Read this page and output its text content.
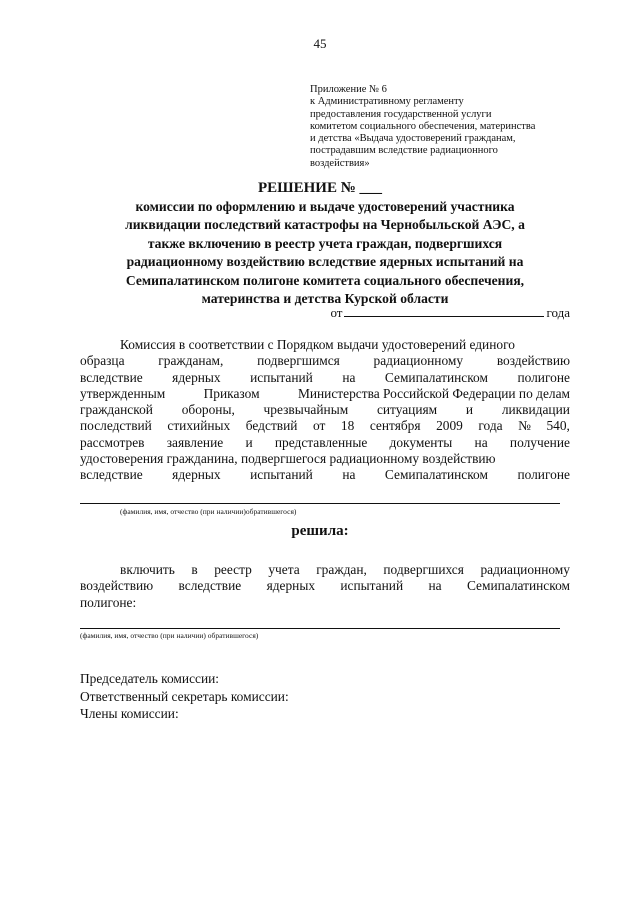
45
Приложение № 6
к Административному регламенту
предоставления государственной услуги
комитетом социального обеспечения, материнства
и детства «Выдача удостоверений гражданам,
пострадавшим вследствие радиационного
воздействия»
РЕШЕНИЕ № ___
комиссии по оформлению и выдаче удостоверений участника
ликвидации последствий катастрофы на Чернобыльской АЭС, а
также включению в реестр учета граждан, подвергшихся
радиационному воздействию вследствие ядерных испытаний на
Семипалатинском полигоне комитета социального обеспечения,
материнства и детства Курской области
от	года
Комиссия в соответствии с Порядком выдачи удостоверений единого
образца	гражданам,	подвергшимся	радиационному	воздействию
вследствие ядерных испытаний на Семипалатинском полигоне
утвержденным	Приказом	Министерства Российской Федерации по делам
гражданской обороны, чрезвычайным ситуациям и ликвидации
последствий стихийных бедствий от 18 сентября 2009 года № 540,
рассмотрев заявление и представленные документы на получение
удостоверения гражданина, подвергшегося радиационному воздействию
вследствие ядерных испытаний на Семипалатинском полигоне
(фамилия, имя, отчество (при наличии)обратившегося)
решила:
включить в реестр учета граждан, подвергшихся радиационному
воздействию вследствие ядерных испытаний на Семипалатинском
полигоне:
(фамилия, имя, отчество (при наличии) обратившегося)
Председатель комиссии:
Ответственный секретарь комиссии:
Члены комиссии:
